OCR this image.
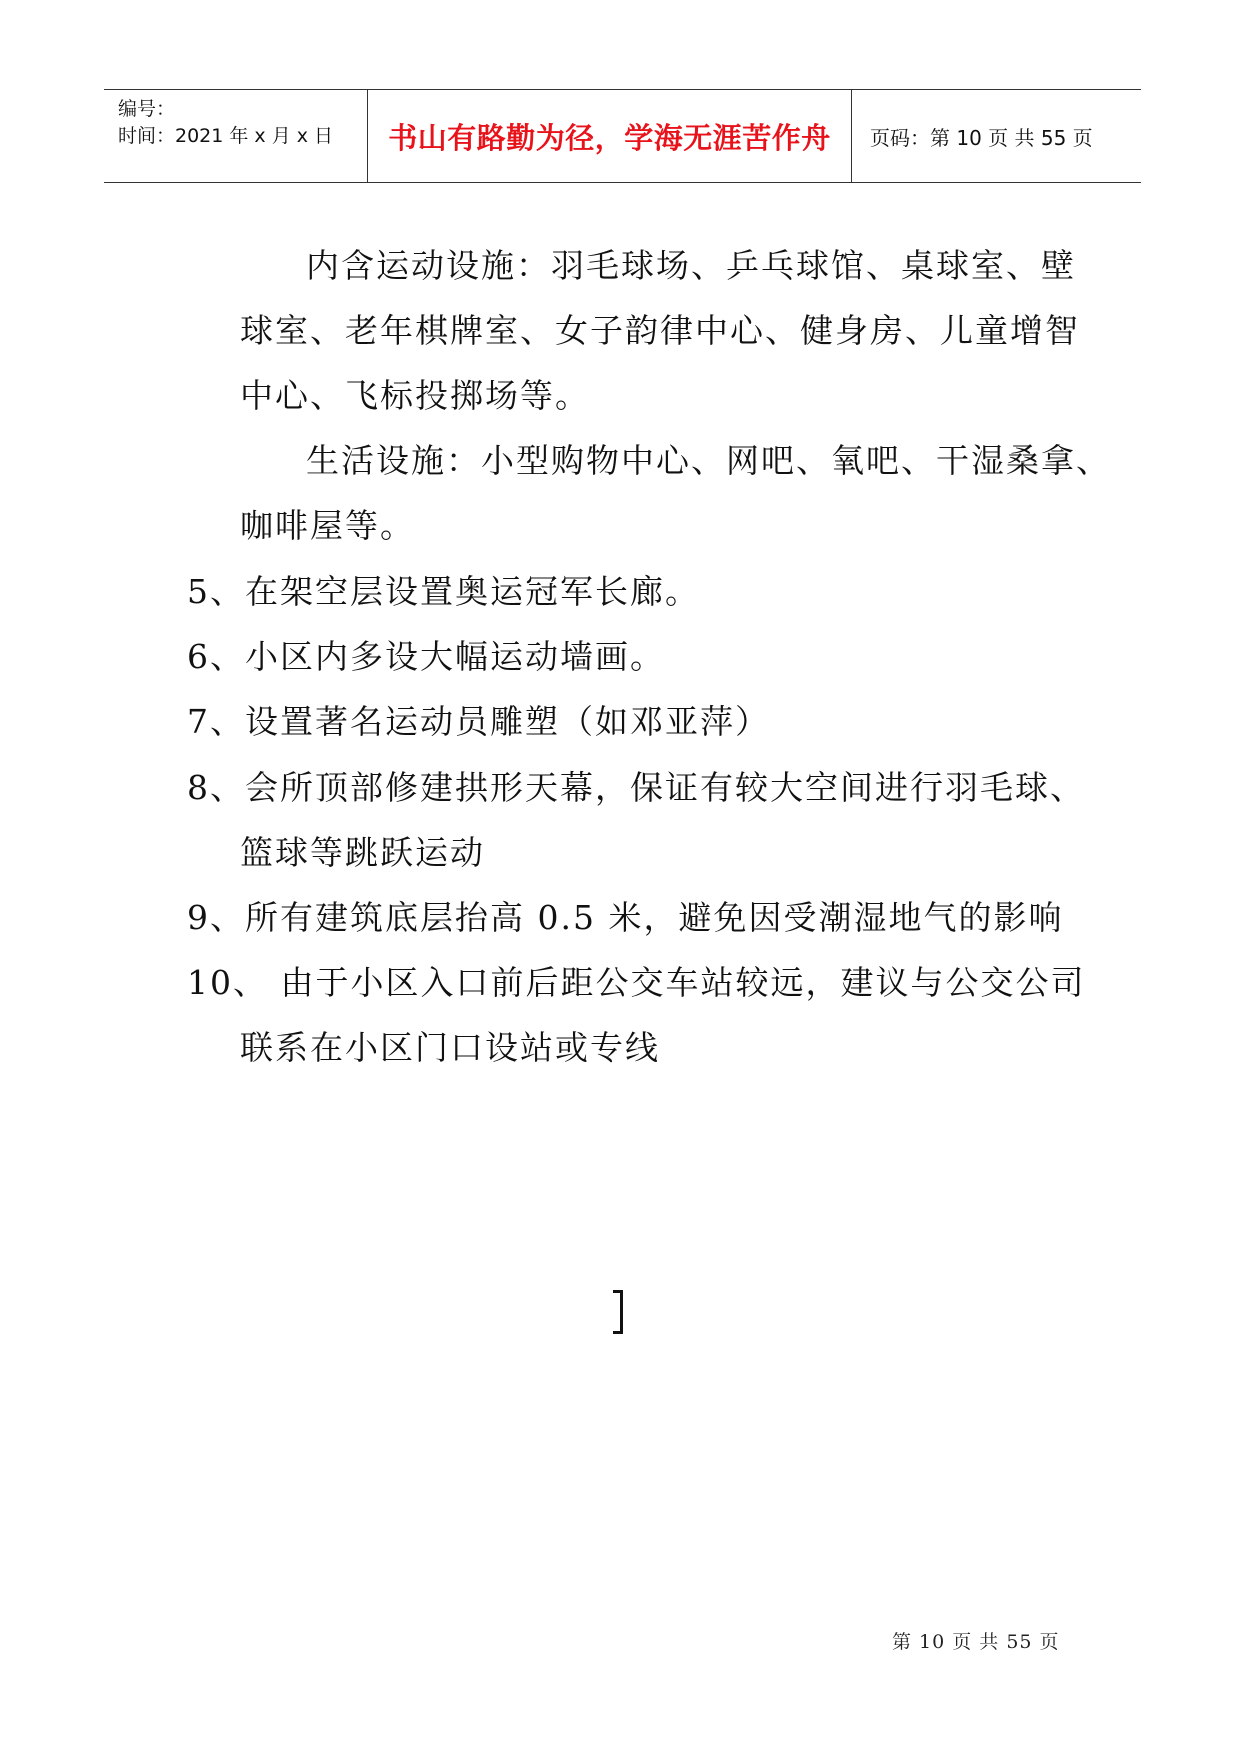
编号：
时间：2021 年 x 月 x 日 书山有路勤为径，学海无涯苦作舟 页码：第 10 页 共 55 页
内含运动设施：羽毛球场、乒乓球馆、桌球室、壁
球室、老年棋牌室、女子韵律中心、健身房、儿童增智
中心、飞标投掷场等。
生活设施：小型购物中心、网吧、氧吧、干湿桑拿、
咖啡屋等。
5、在架空层设置奥运冠军长廊。
6、小区内多设大幅运动墙画。
7、设置著名运动员雕塑（如邓亚萍）
8、会所顶部修建拱形天幕，保证有较大空间进行羽毛球、
篮球等跳跃运动
9、所有建筑底层抬高 0.5 米，避免因受潮湿地气的影响
10、 由于小区入口前后距公交车站较远，建议与公交公司
联系在小区门口设站或专线
第 10 页 共 55 页
